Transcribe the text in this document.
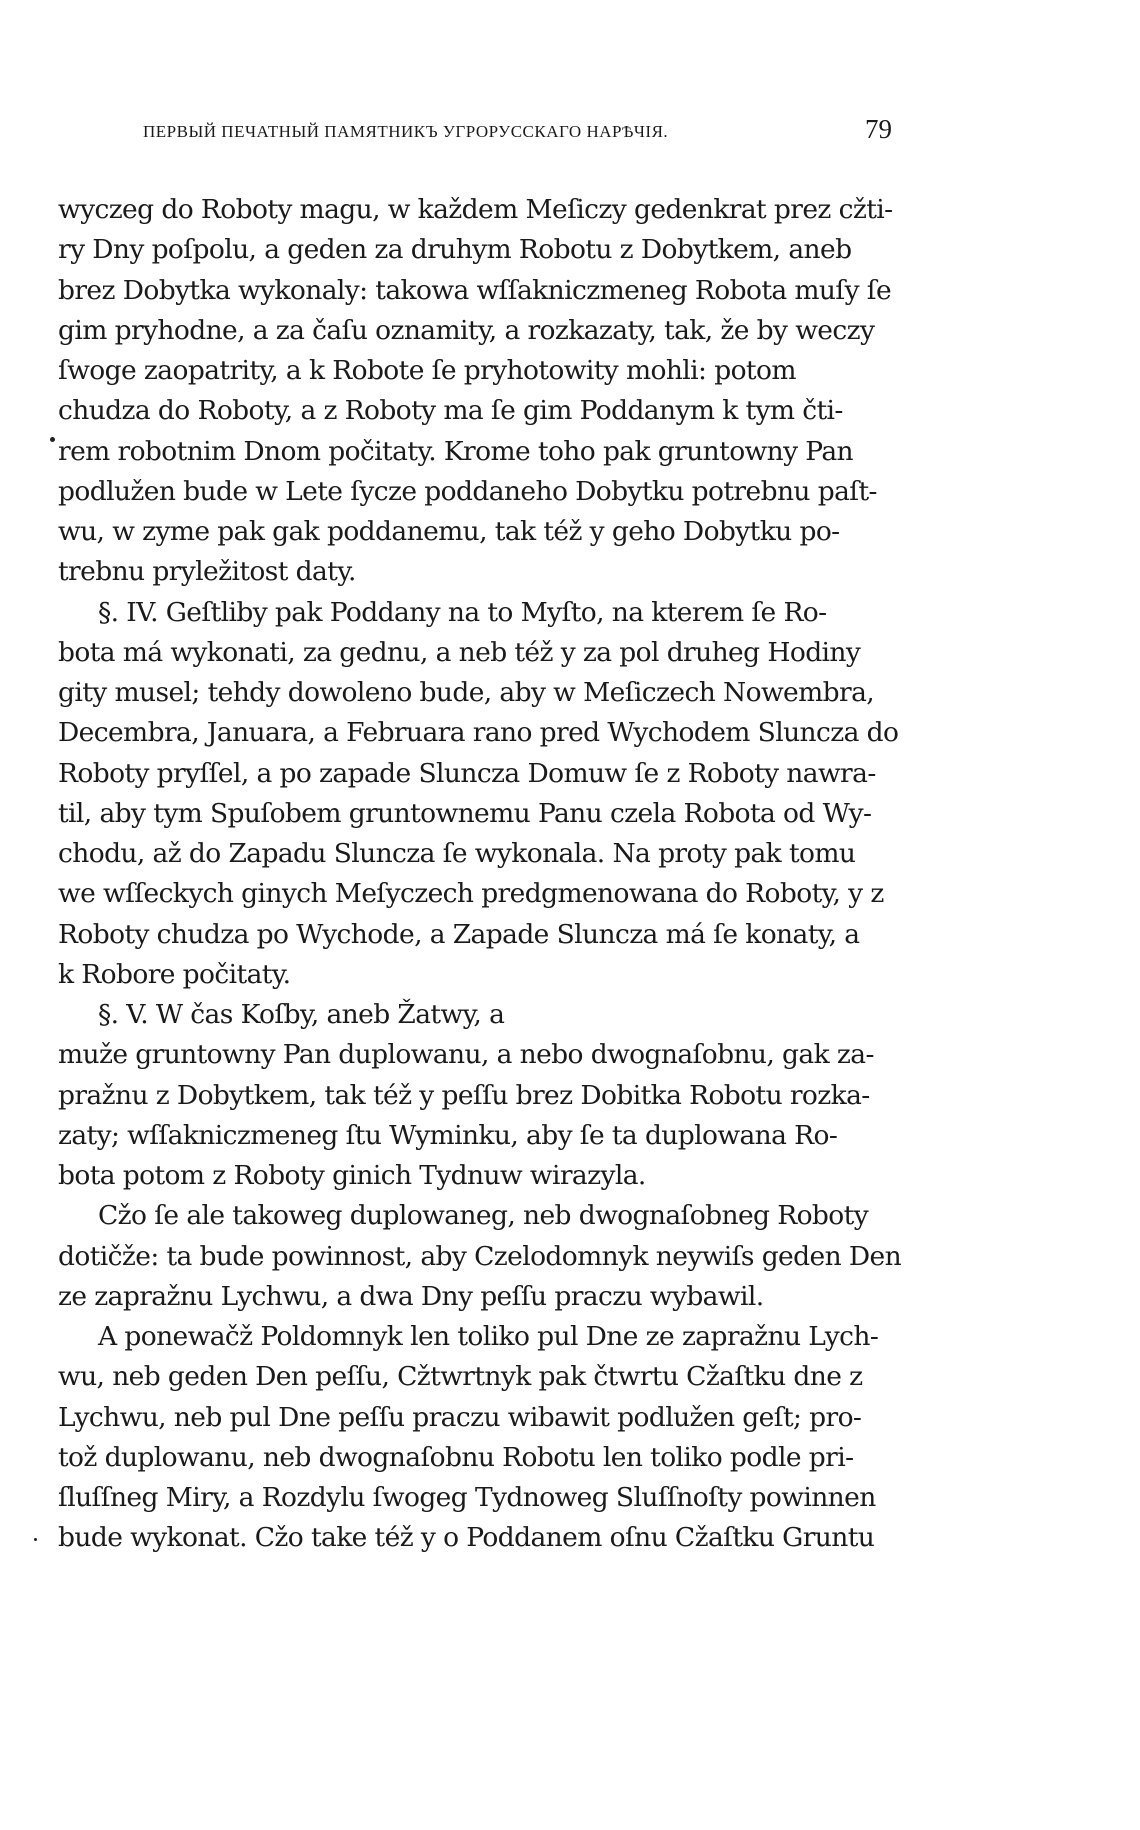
ПЕРВЫЙ ПЕЧАТНЫЙ ПАМЯТНИКЪ УГРОРУССКАГО НАРѢЧІЯ.	79
wyczeg do Roboty magu, w každem Meſiczy gedenkrat prez cžti-
ry Dny poſpolu, a geden za druhym Robotu z Dobytkem, aneb
brez Dobytka wykonaly: takowa wſſakniczmeneg Robota muſy ſe
gim pryhodne, a za čaſu oznamity, a rozkazaty, tak, že by weczy
ſwoge zaopatrity, a k Robote ſe pryhotowity mohli: potom
chudza do Roboty, a z Roboty ma ſe gim Poddanym k tym čti-
rem robotnim Dnom počitaty. Krome toho pak gruntowny Pan
podlužen bude w Lete ſycze poddaneho Dobytku potrebnu paſt-
wu, w zyme pak gak poddanemu, tak též y geho Dobytku po-
trebnu pryležitost daty.
§. IV. Geſtliby pak Poddany na to Myſto, na kterem ſe Ro-
bota má wykonati, za gednu, a neb též y za pol druheg Hodiny
gity musel; tehdy dowoleno bude, aby w Meſiczech Nowembra,
Decembra, Januara, a Februara rano pred Wychodem Sluncza do
Roboty pryſſel, a po zapade Sluncza Domuw ſe z Roboty nawra-
til, aby tym Spuſobem gruntownemu Panu czela Robota od Wy-
chodu, až do Zapadu Sluncza ſe wykonala. Na proty pak tomu
we wſſeckych ginych Meſyczech predgmenowana do Roboty, y z
Roboty chudza po Wychode, a Zapade Sluncza má ſe konaty, a
k Robore počitaty.
§. V. W čas Koſby, aneb Žatwy, a
muže gruntowny Pan duplowanu, a nebo dwognaſobnu, gak za-
pražnu z Dobytkem, tak též y peſſu brez Dobitka Robotu rozka-
zaty; wſſakniczmeneg ſtu Wyminku, aby ſe ta duplowana Ro-
bota potom z Roboty ginich Tydnuw wirazyla.
Cžo ſe ale takoweg duplowaneg, neb dwognaſobneg Roboty
dotičže: ta bude powinnost, aby Czelodomnyk neywiſs geden Den
ze zapražnu Lychwu, a dwa Dny peſſu praczu wybawil.
A ponewačž Poldomnyk len toliko pul Dne ze zapražnu Lych-
wu, neb geden Den peſſu, Cžtwrtnyk pak čtwrtu Cžaſtku dne z
Lychwu, neb pul Dne peſſu praczu wibawit podlužen geſt; pro-
tož duplowanu, neb dwognaſobnu Robotu len toliko podle pri-
ſluſſneg Miry, a Rozdylu ſwogeg Tydnoweg Sluſſnoſty powinnen
bude wykonat. Cžo take též y o Poddanem oſnu Cžaſtku Gruntu
